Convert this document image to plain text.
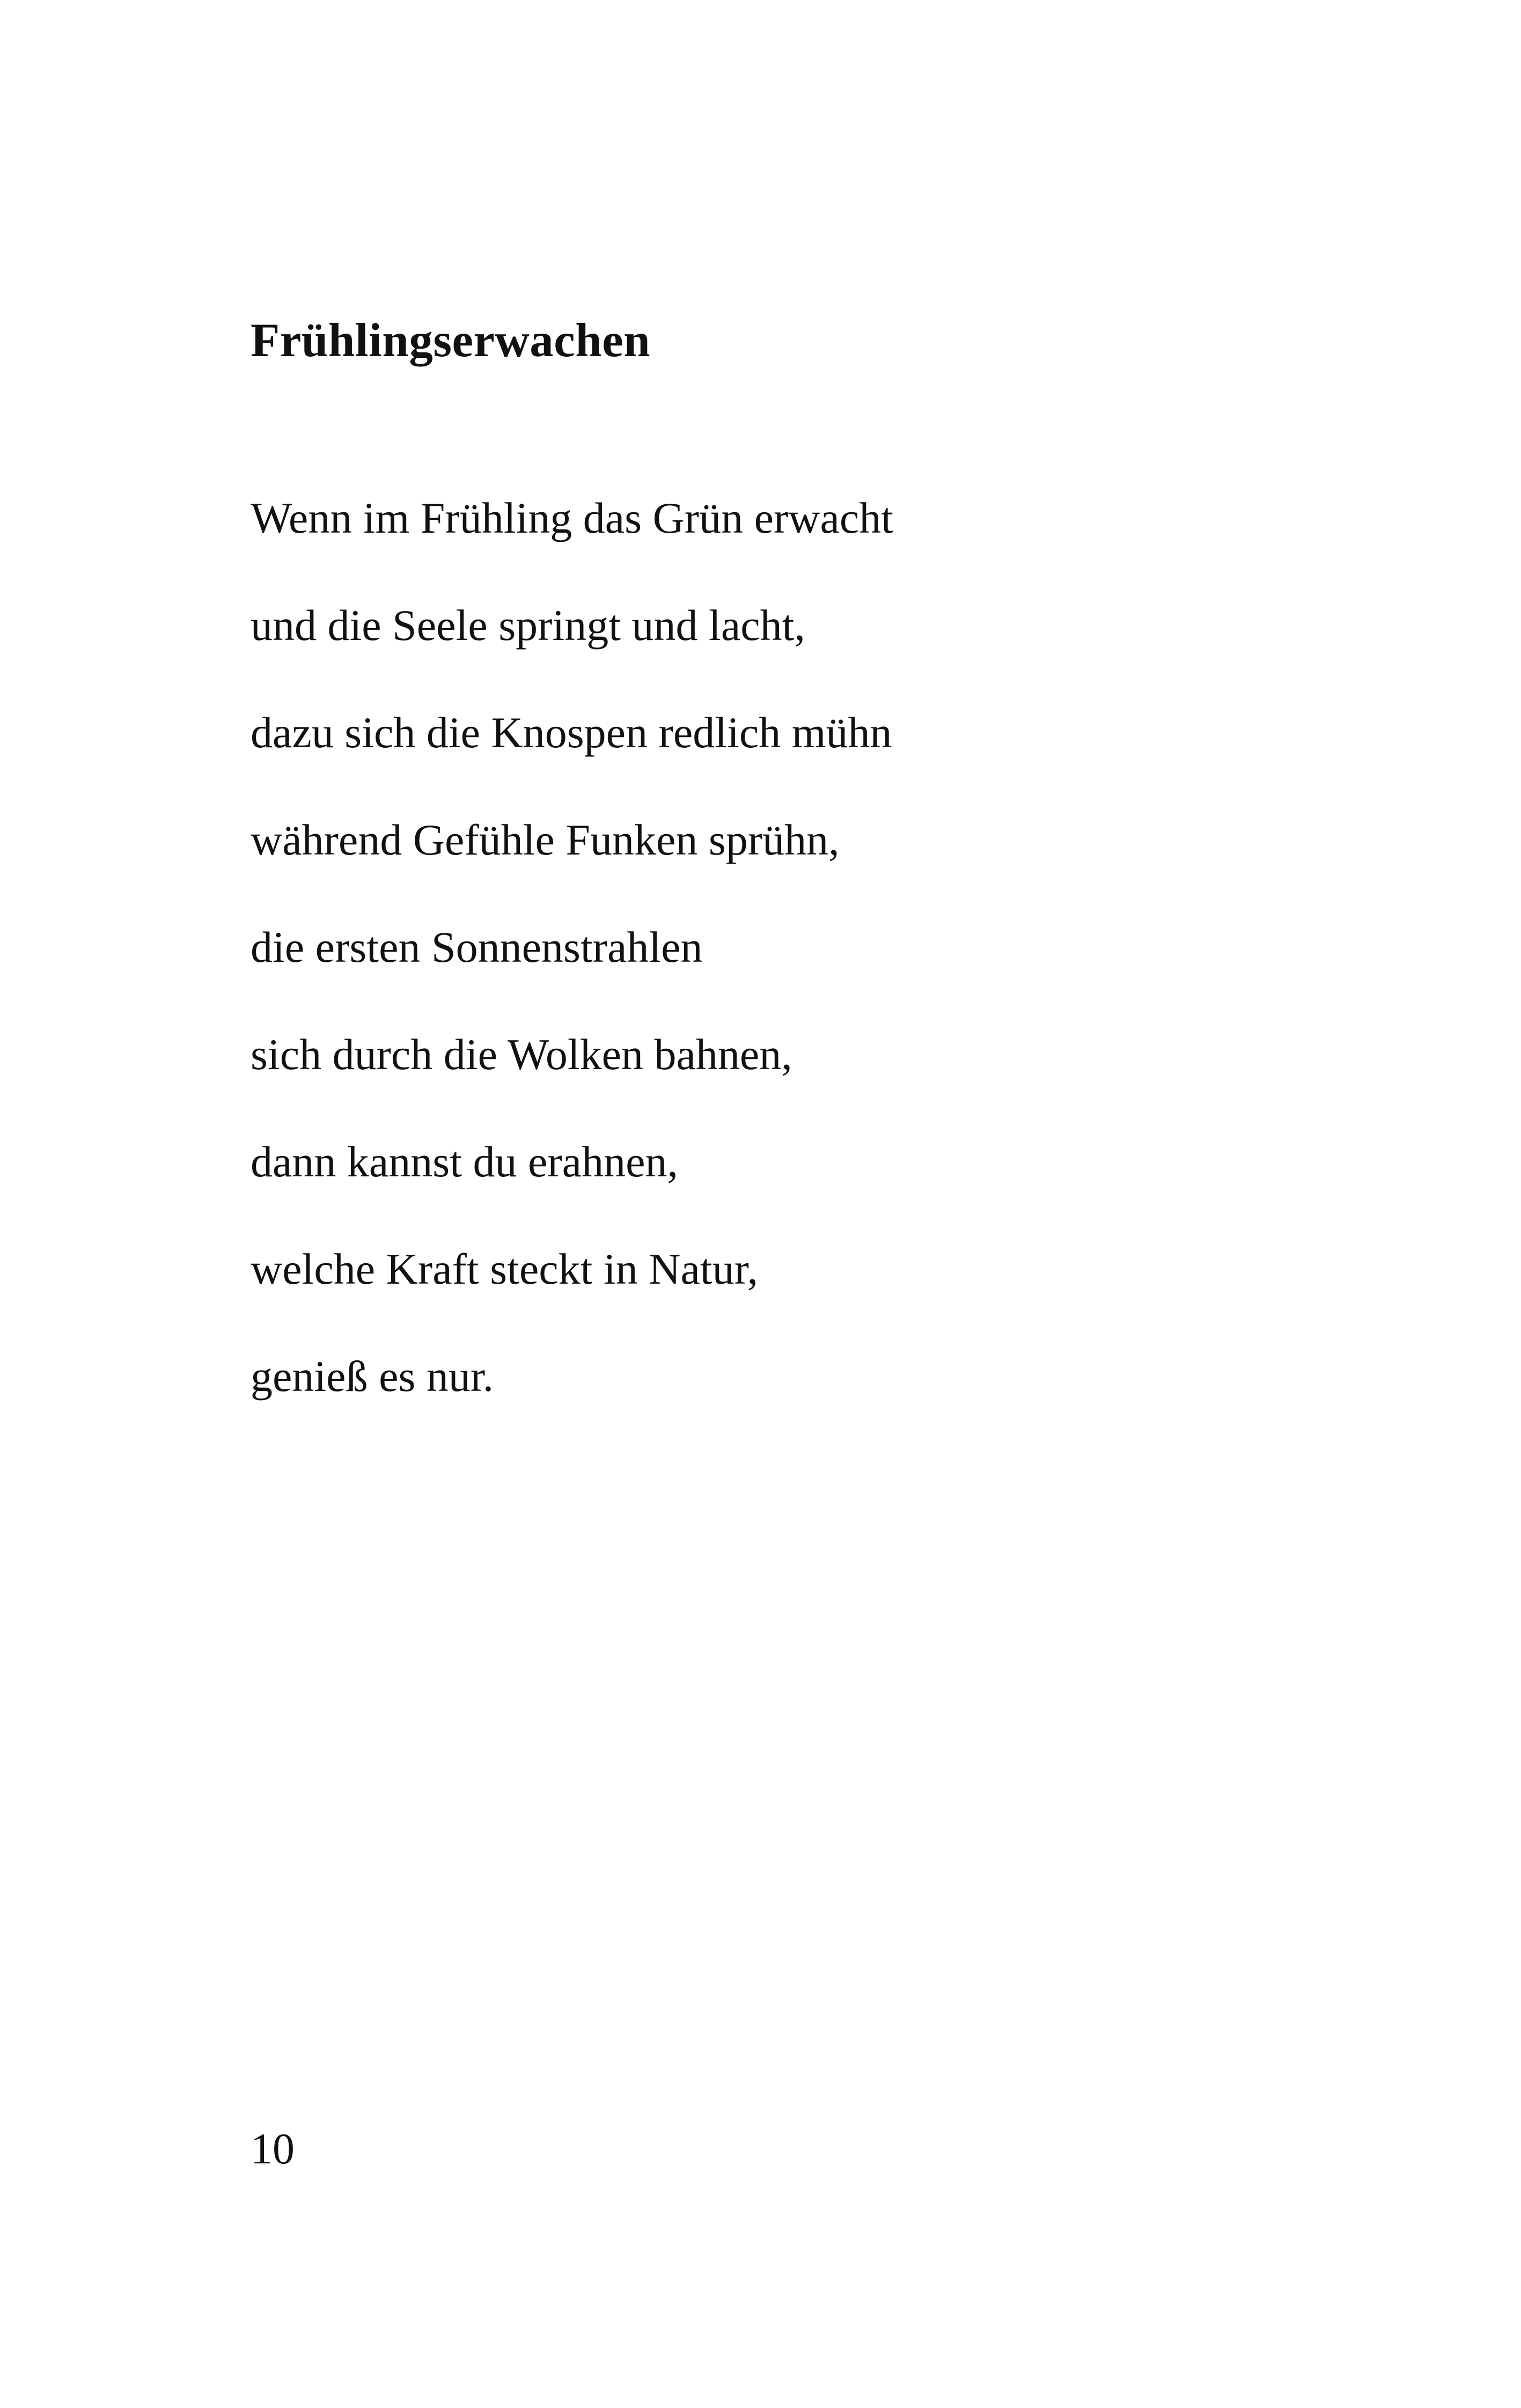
Frühlingserwachen
Wenn im Frühling das Grün erwacht
und die Seele springt und lacht,
dazu sich die Knospen redlich mühn
während Gefühle Funken sprühn,
die ersten Sonnenstrahlen
sich durch die Wolken bahnen,
dann kannst du erahnen,
welche Kraft steckt in Natur,
genieß es nur.
10
